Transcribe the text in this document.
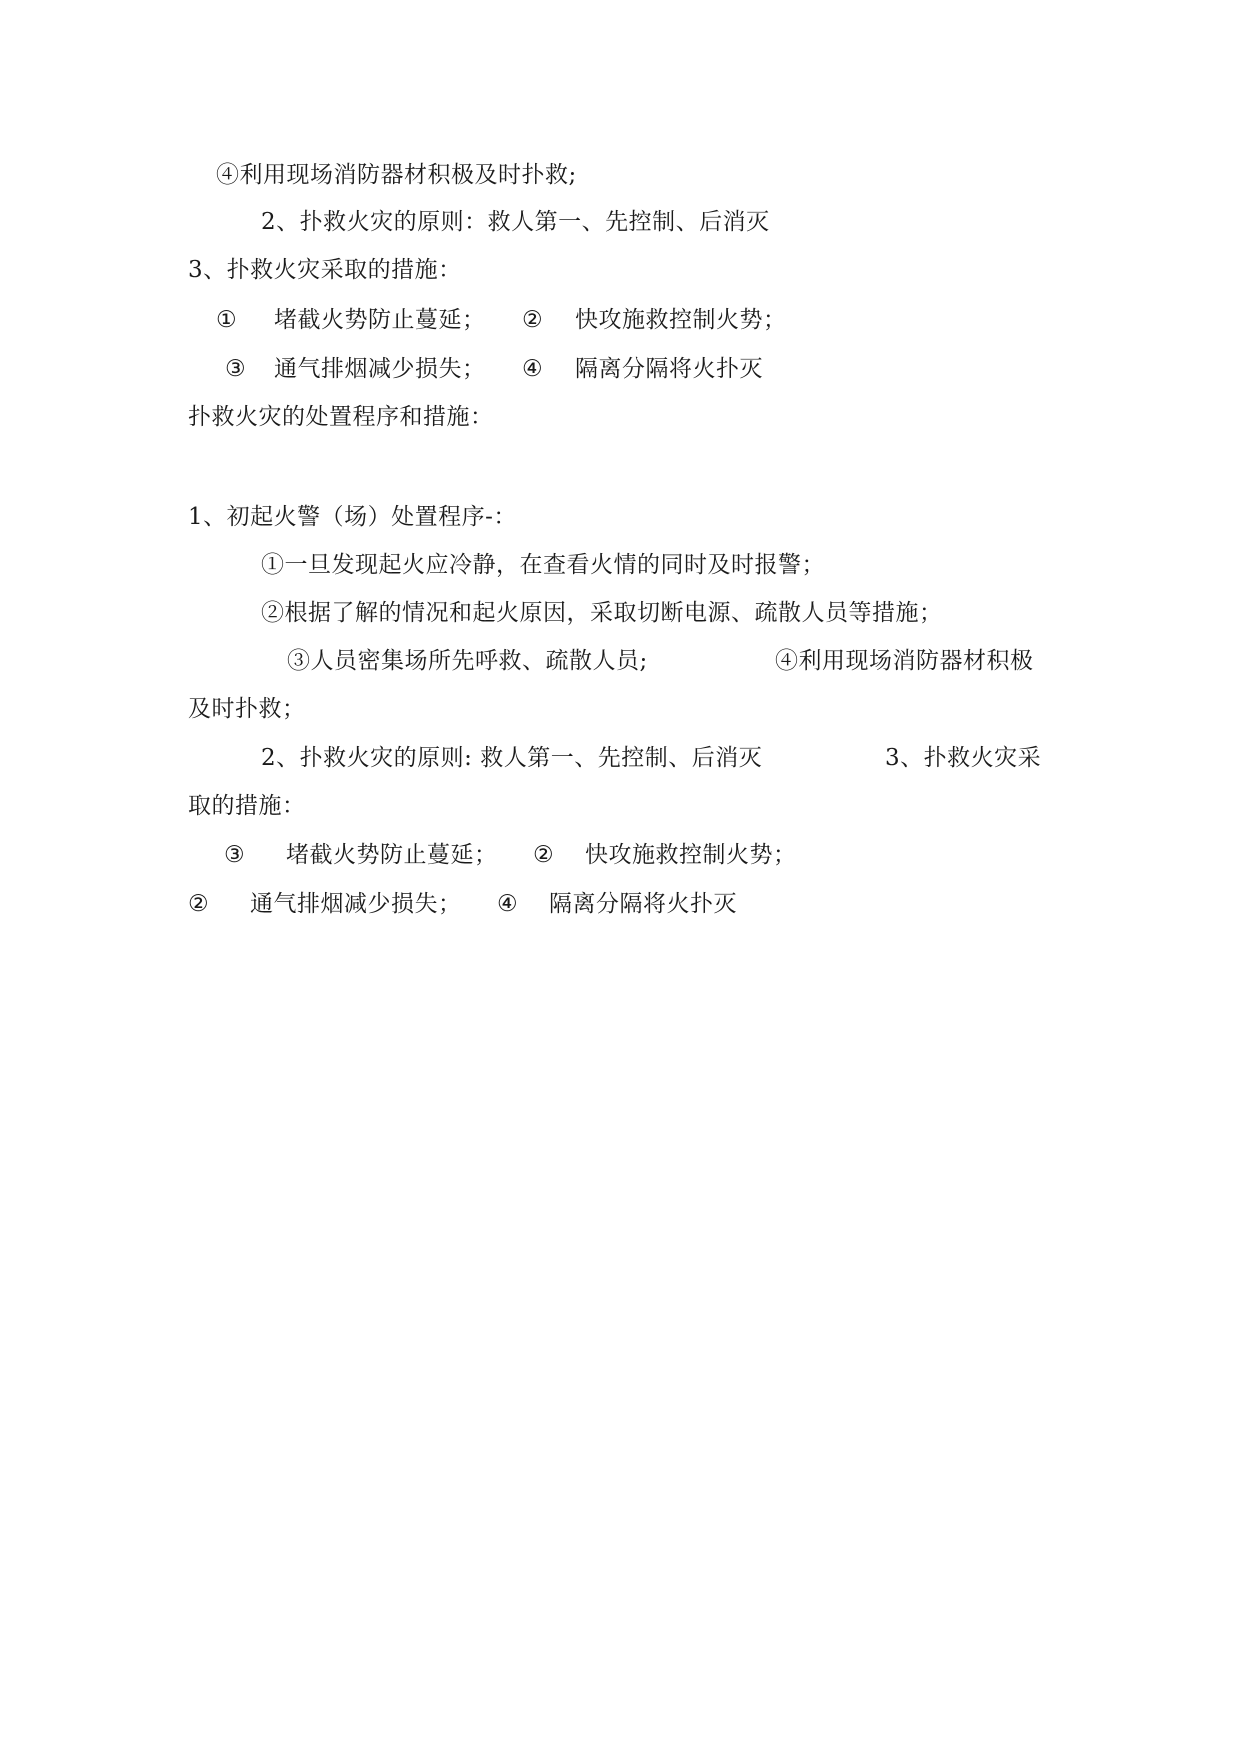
④利用现场消防器材积极及时扑救;
2、扑救火灾的原则：救人第一、先控制、后消灭
3、扑救火灾采取的措施：
① 堵截火势防止蔓延； ② 快攻施救控制火势；
③ 通气排烟减少损失； ④ 隔离分隔将火扑灭
扑救火灾的处置程序和措施：
1、初起火警（场）处置程序-：
①一旦发现起火应冷静，在查看火情的同时及时报警；
②根据了解的情况和起火原因，采取切断电源、疏散人员等措施；
③人员密集场所先呼救、疏散人员;	④利用现场消防器材积极
及时扑救；
2、扑救火灾的原则: 救人第一、先控制、后消灭	3、扑救火灾采
取的措施：
③ 堵截火势防止蔓延； ② 快攻施救控制火势；
② 通气排烟减少损失； ④ 隔离分隔将火扑灭
